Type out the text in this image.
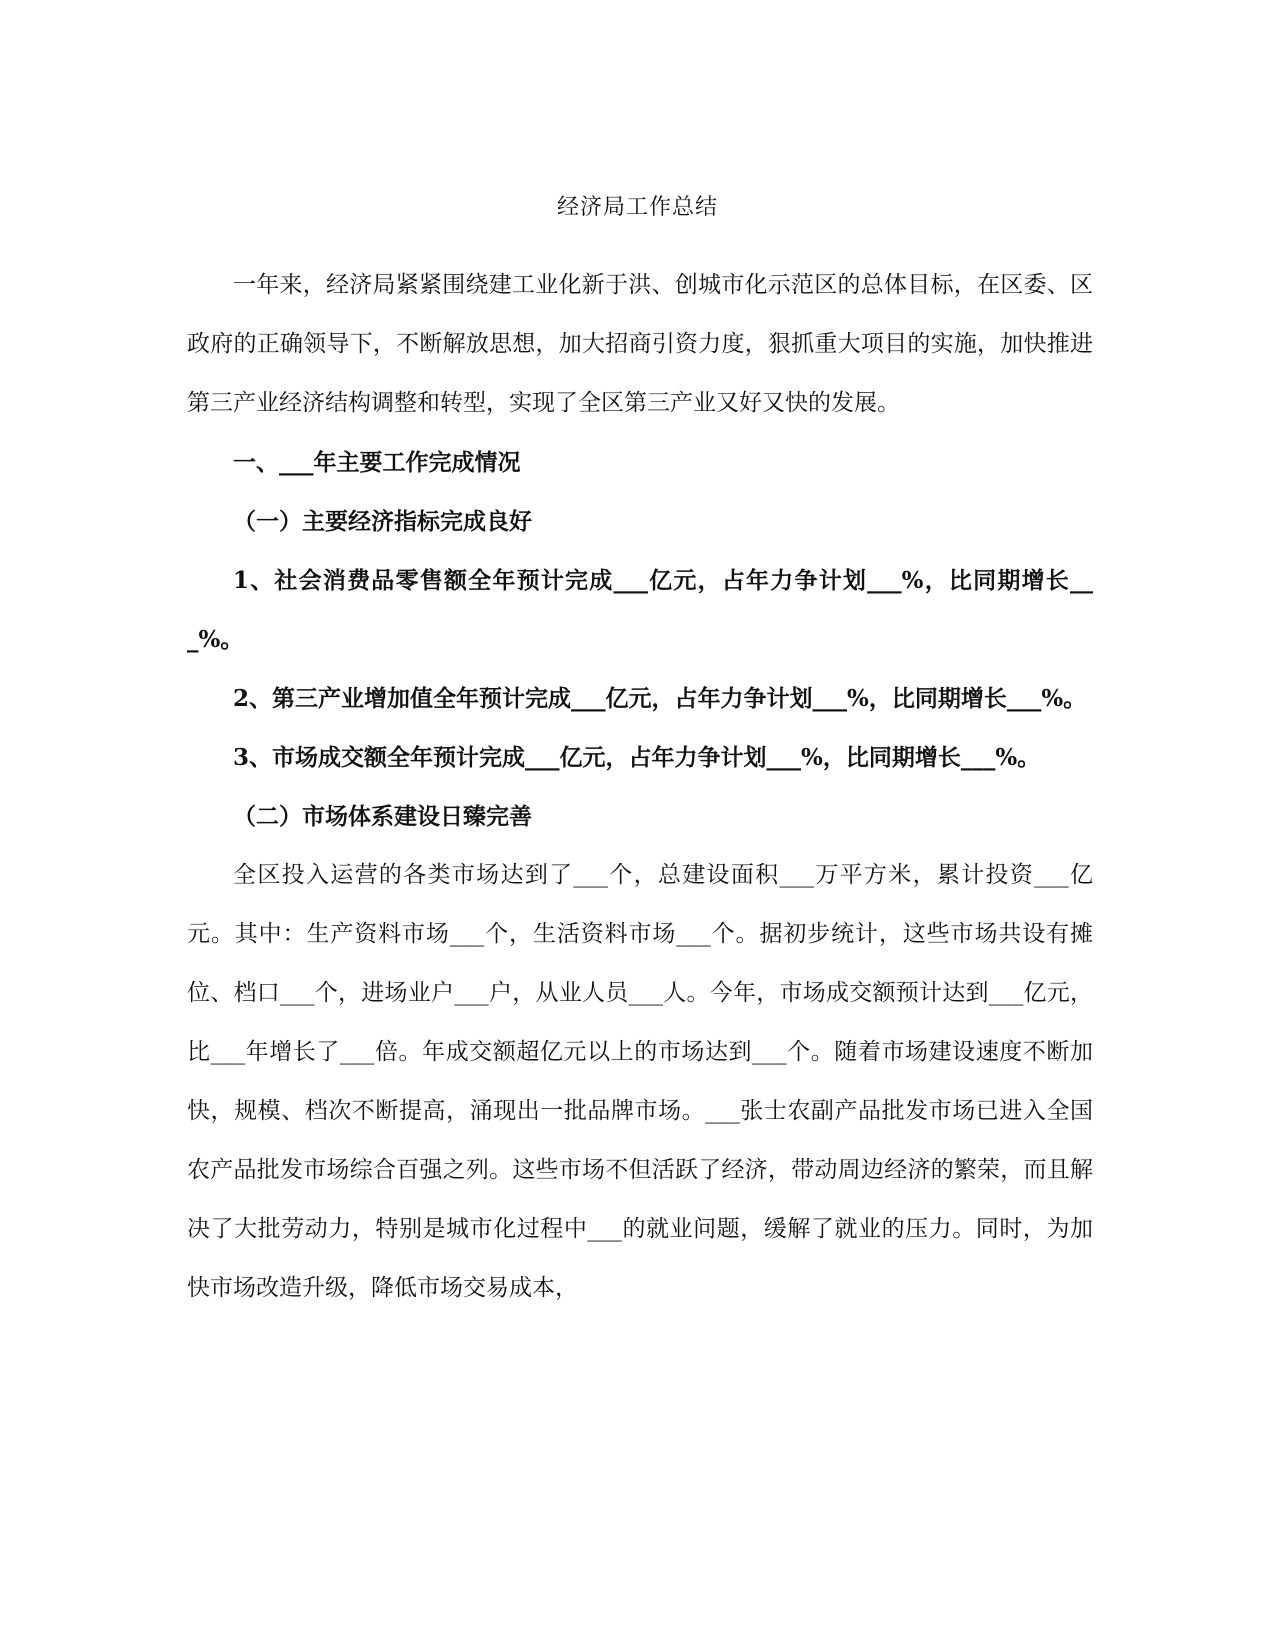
经济局工作总结

一年来，经济局紧紧围绕建工业化新于洪、创城市化示范区的总体目标，在区委、区政府的正确领导下，不断解放思想，加大招商引资力度，狠抓重大项目的实施，加快推进第三产业经济结构调整和转型，实现了全区第三产业又好又快的发展。

一、___年主要工作完成情况

（一）主要经济指标完成良好

1、社会消费品零售额全年预计完成___亿元，占年力争计划___%，比同期增长___%。

2、第三产业增加值全年预计完成___亿元，占年力争计划___%，比同期增长___%。

3、市场成交额全年预计完成___亿元，占年力争计划___%，比同期增长___%。

（二）市场体系建设日臻完善

全区投入运营的各类市场达到了___个，总建设面积___万平方米，累计投资___亿元。其中：生产资料市场___个，生活资料市场___个。据初步统计，这些市场共设有摊位、档口___个，进场业户___户，从业人员___人。今年，市场成交额预计达到___亿元，比___年增长了___倍。年成交额超亿元以上的市场达到___个。随着市场建设速度不断加快，规模、档次不断提高，涌现出一批品牌市场。___张士农副产品批发市场已进入全国农产品批发市场综合百强之列。这些市场不但活跃了经济，带动周边经济的繁荣，而且解决了大批劳动力，特别是城市化过程中___的就业问题，缓解了就业的压力。同时，为加快市场改造升级，降低市场交易成本，
